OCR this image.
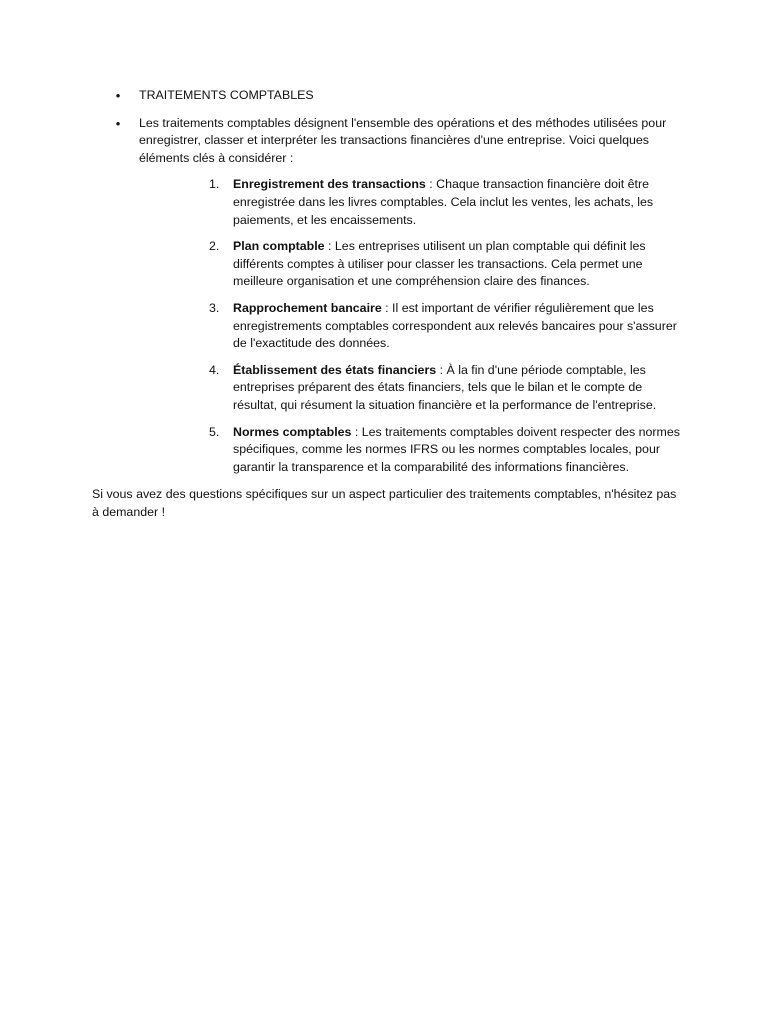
• TRAITEMENTS COMPTABLES
• Les traitements comptables désignent l'ensemble des opérations et des méthodes utilisées pour enregistrer, classer et interpréter les transactions financières d'une entreprise. Voici quelques éléments clés à considérer :
1.	Enregistrement des transactions : Chaque transaction financière doit être enregistrée dans les livres comptables. Cela inclut les ventes, les achats, les paiements, et les encaissements.
2.	Plan comptable : Les entreprises utilisent un plan comptable qui définit les différents comptes à utiliser pour classer les transactions. Cela permet une meilleure organisation et une compréhension claire des finances.
3.	Rapprochement bancaire : Il est important de vérifier régulièrement que les enregistrements comptables correspondent aux relevés bancaires pour s'assurer de l'exactitude des données.
4.	Établissement des états financiers : À la fin d'une période comptable, les entreprises préparent des états financiers, tels que le bilan et le compte de résultat, qui résument la situation financière et la performance de l'entreprise.
5.	Normes comptables : Les traitements comptables doivent respecter des normes spécifiques, comme les normes IFRS ou les normes comptables locales, pour garantir la transparence et la comparabilité des informations financières.

Si vous avez des questions spécifiques sur un aspect particulier des traitements comptables, n'hésitez pas à demander !
